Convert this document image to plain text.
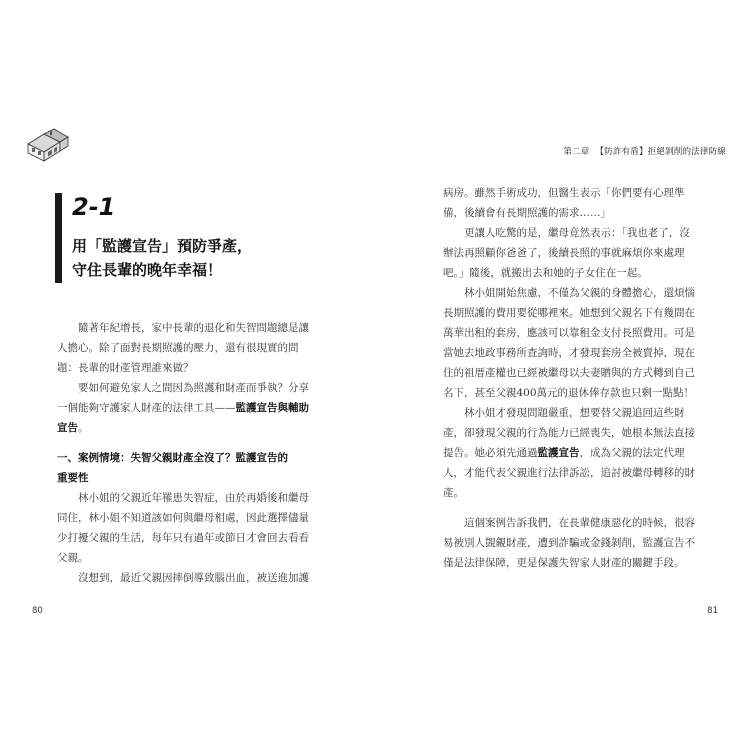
2-1
用「監護宣告」預防爭產，
守住長輩的晚年幸福！

隨著年紀增長，家中長輩的退化和失智問題總是讓
人擔心。除了面對長期照護的壓力，還有很現實的問
題：長輩的財產管理誰來做？

要如何避免家人之間因為照護和財產而爭執？分享
一個能夠守護家人財產的法律工具——監護宣告與輔助
宣告。

一、案例情境：失智父親財產全沒了？監護宣告的
重要性

林小姐的父親近年罹患失智症，由於再婚後和繼母
同住，林小姐不知道該如何與繼母相處，因此選擇儘量
少打擾父親的生活，每年只有過年或節日才會回去看看
父親。

沒想到，最近父親因摔倒導致腦出血，被送進加護

80
第二章 【防詐有盾】拒絕剝削的法律防線
81

病房。雖然手術成功，但醫生表示「你們要有心理準
備，後續會有長期照護的需求……」

更讓人吃驚的是，繼母竟然表示：「我也老了，沒
辦法再照顧你爸爸了，後續長照的事就麻煩你來處理
吧。」隨後，就搬出去和她的子女住在一起。

林小姐開始焦慮，不僅為父親的身體擔心，還煩惱
長期照護的費用要從哪裡來。她想到父親名下有幾間在
萬華出租的套房，應該可以靠租金支付長照費用。可是
當她去地政事務所查詢時，才發現套房全被賣掉，現在
住的祖厝產權也已經被繼母以夫妻贈與的方式轉到自己
名下，甚至父親400萬元的退休俸存款也只剩一點點！

林小姐才發現問題嚴重，想要替父親追回這些財
產，卻發現父親的行為能力已經喪失，她根本無法直接
提告。她必須先通過監護宣告，成為父親的法定代理
人，才能代表父親進行法律訴訟，追討被繼母轉移的財
產。

這個案例告訴我們，在長輩健康惡化的時候，很容
易被別人覬覦財產，遭到詐騙或金錢剝削，監護宣告不
僅是法律保障，更是保護失智家人財產的關鍵手段。
